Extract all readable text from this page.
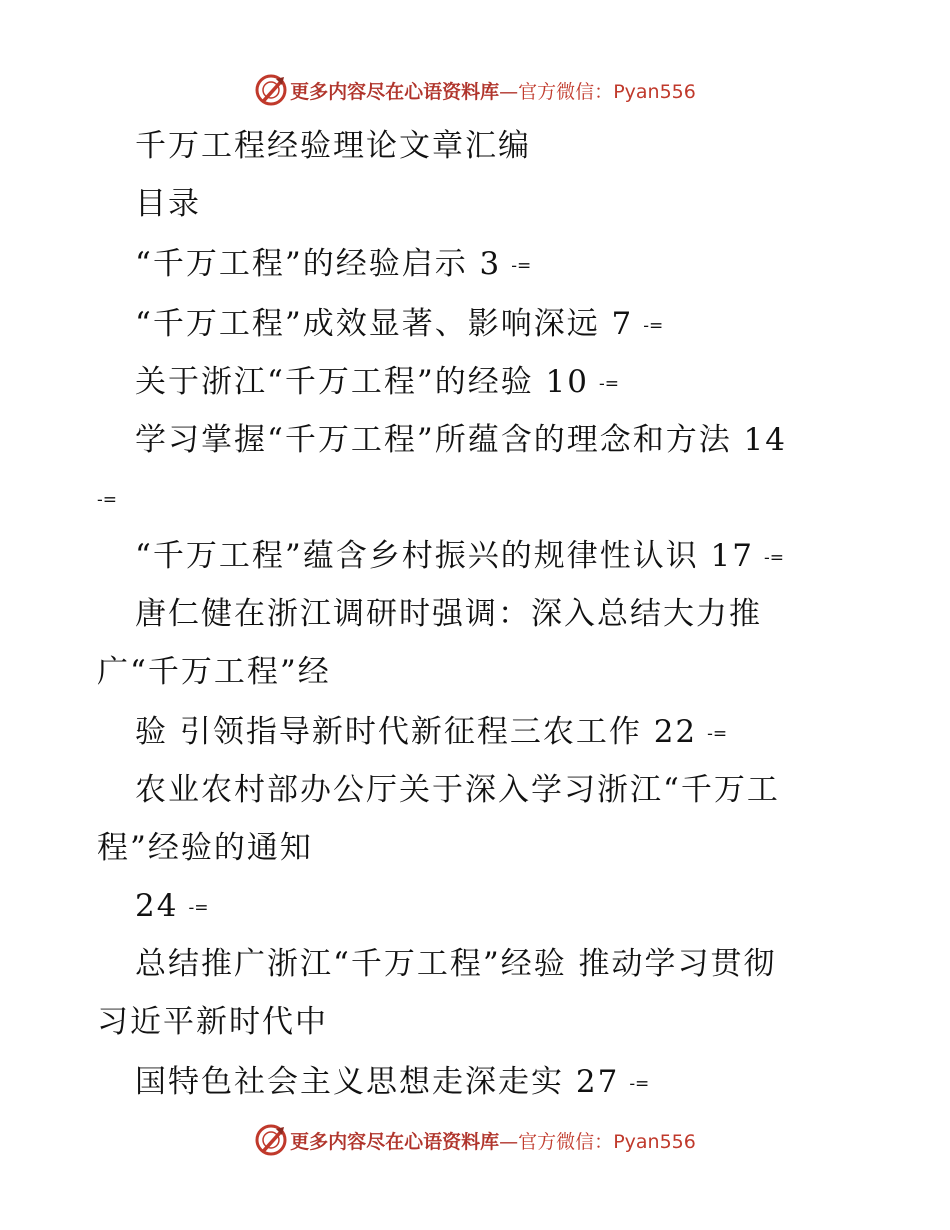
更多内容尽在心语资料库—官方微信：Pyan556
千万工程经验理论文章汇编
目录
“千万工程”的经验启示 3 -=
“千万工程”成效显著、影响深远 7 -=
关于浙江“千万工程”的经验 10 -=
学习掌握“千万工程”所蕴含的理念和方法 14
-=
“千万工程”蕴含乡村振兴的规律性认识 17 -=
唐仁健在浙江调研时强调：深入总结大力推
广“千万工程”经
验 引领指导新时代新征程三农工作 22 -=
农业农村部办公厅关于深入学习浙江“千万工
程”经验的通知
24 -=
总结推广浙江“千万工程”经验 推动学习贯彻
习近平新时代中
国特色社会主义思想走深走实 27 -=
更多内容尽在心语资料库—官方微信：Pyan556
